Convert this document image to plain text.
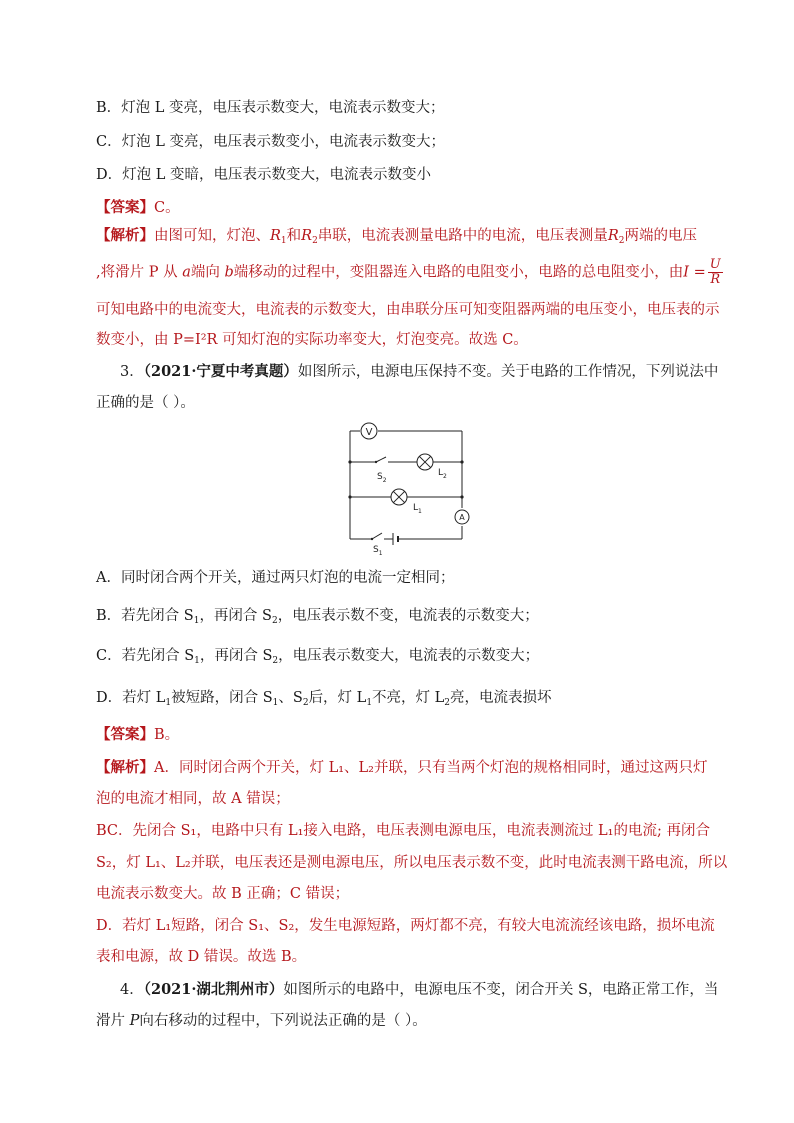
B．灯泡 L 变亮，电压表示数变大，电流表示数变大；
C．灯泡 L 变亮，电压表示数变小，电流表示数变大；
D．灯泡 L 变暗，电压表示数变大，电流表示数变小
【答案】C。
【解析】由图可知，灯泡、$R_1$和$R_2$串联，电流表测量电路中的电流，电压表测量$R_2$两端的电压
,将滑片 P 从 a端向 b端移动的过程中，变阻器连入电路的电阻变小，电路的总电阻变小，由$I = \frac{U}{R}$
可知电路中的电流变大，电流表的示数变大，由串联分压可知变阻器两端的电压变小，电压表的示
数变小，由 P=I²R 可知灯泡的实际功率变大，灯泡变亮。故选 C。
3．（2021·宁夏中考真题）如图所示，电源电压保持不变。关于电路的工作情况，下列说法中
正确的是（ ）。
V
A
$S_2$
$L_2$
$L_1$
$S_1$
A．同时闭合两个开关，通过两只灯泡的电流一定相同；
B．若先闭合 $S_1$，再闭合 $S_2$，电压表示数不变，电流表的示数变大；
C．若先闭合 $S_1$，再闭合 $S_2$，电压表示数变大，电流表的示数变大；
D．若灯 $L_1$被短路，闭合 $S_1$、$S_2$后，灯 $L_1$不亮，灯 $L_2$亮，电流表损坏
【答案】B。
【解析】A．同时闭合两个开关，灯 L₁、L₂并联，只有当两个灯泡的规格相同时，通过这两只灯
泡的电流才相同，故 A 错误；
BC．先闭合 S₁，电路中只有 L₁接入电路，电压表测电源电压，电流表测流过 L₁的电流; 再闭合
S₂，灯 L₁、L₂并联，电压表还是测电源电压，所以电压表示数不变，此时电流表测干路电流，所以
电流表示数变大。故 B 正确；C 错误；
D．若灯 L₁短路，闭合 S₁、S₂，发生电源短路，两灯都不亮，有较大电流流经该电路，损坏电流
表和电源，故 D 错误。故选 B。
4．（2021·湖北荆州市）如图所示的电路中，电源电压不变，闭合开关 S，电路正常工作，当
滑片 P向右移动的过程中，下列说法正确的是（ ）。
